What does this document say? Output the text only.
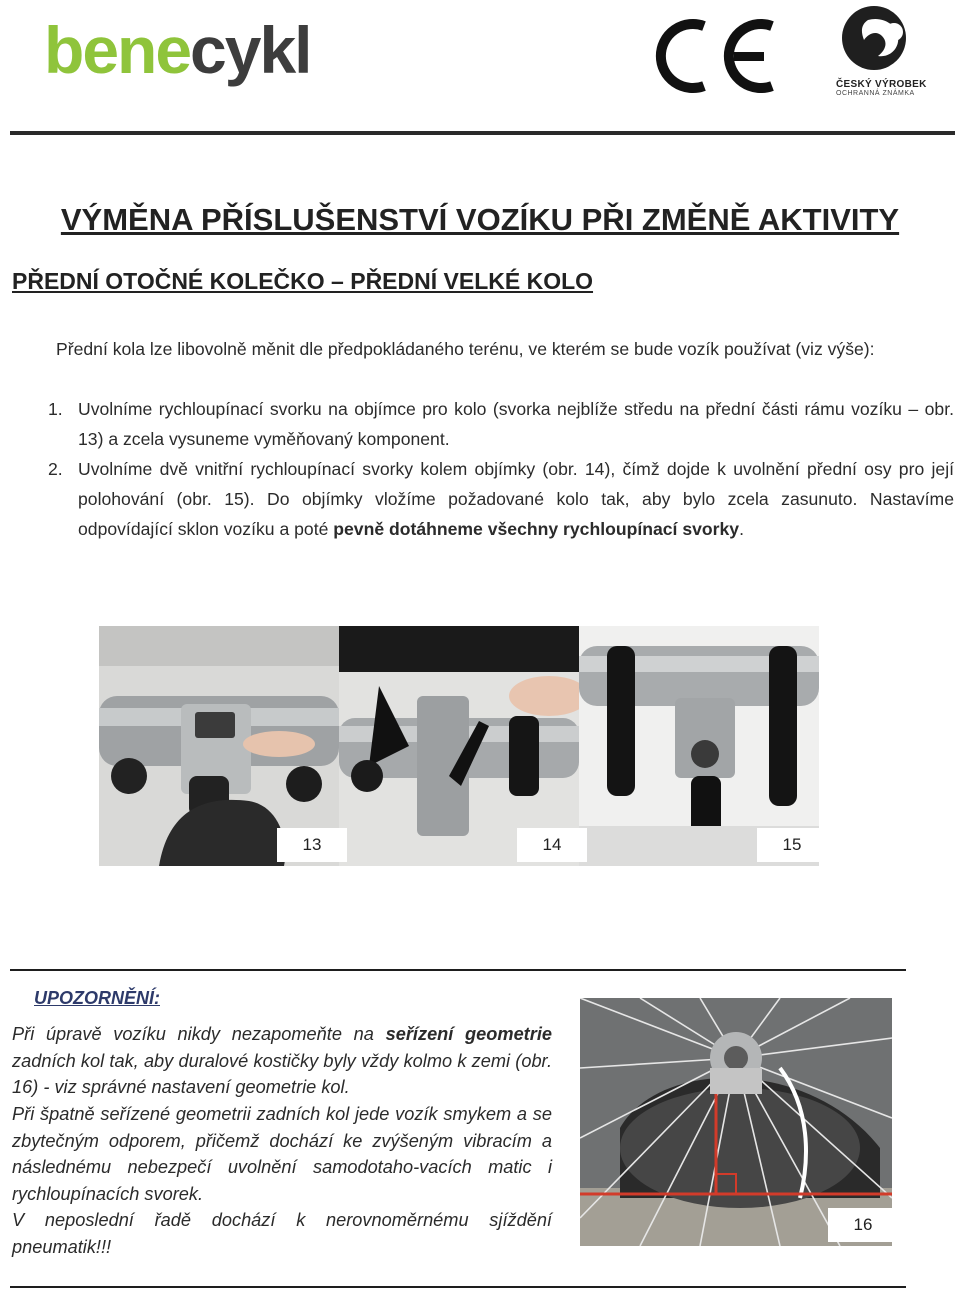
benecykl	ČESKÝ VÝROBEK
OCHRANNÁ ZNÁMKA
VÝMĚNA PŘÍSLUŠENSTVÍ VOZÍKU PŘI ZMĚNĚ AKTIVITY
PŘEDNÍ OTOČNÉ KOLEČKO – PŘEDNÍ VELKÉ KOLO
Přední kola lze libovolně měnit dle předpokládaného terénu, ve kterém se bude vozík používat (viz výše):
1. Uvolníme rychloupínací svorku na objímce pro kolo (svorka nejblíže středu na přední části rámu vozíku – obr. 13) a zcela vysuneme vyměňovaný komponent.
2. Uvolníme dvě vnitřní rychloupínací svorky kolem objímky (obr. 14), čímž dojde k uvolnění přední osy pro její polohování (obr. 15). Do objímky vložíme požadované kolo tak, aby bylo zcela zasunuto. Nastavíme odpovídající sklon vozíku a poté pevně dotáhneme všechny rychloupínací svorky.
13	14	15
UPOZORNĚNÍ:
Při úpravě vozíku nikdy nezapomeňte na seřízení geometrie zadních kol tak, aby duralové kostičky byly vždy kolmo k zemi (obr. 16) - viz správné nastavení geometrie kol.
Při špatně seřízené geometrii zadních kol jede vozík smykem a se zbytečným odporem, přičemž dochází ke zvýšeným vibracím a následnému nebezpečí uvolnění samodotaho-vacích matic i rychloupínacích svorek.
V neposlední řadě dochází k nerovnoměrnému sjíždění pneumatik!!!
16
